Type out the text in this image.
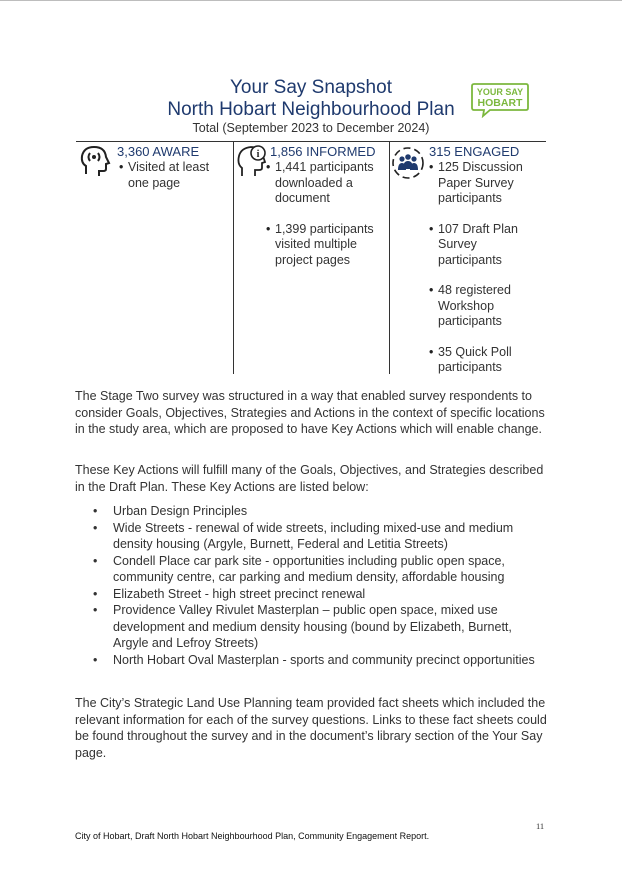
Your Say Snapshot
North Hobart Neighbourhood Plan
Total (September 2023 to December 2024)
YOUR SAY
HOBART
3,360 AWARE
• Visited at least one page
i 1,856 INFORMED
• 1,441 participants downloaded a document
• 1,399 participants visited multiple project pages
315 ENGAGED
• 125 Discussion Paper Survey participants
• 107 Draft Plan Survey participants
• 48 registered Workshop participants
• 35 Quick Poll participants

The Stage Two survey was structured in a way that enabled survey respondents to consider Goals, Objectives, Strategies and Actions in the context of specific locations in the study area, which are proposed to have Key Actions which will enable change.

These Key Actions will fulfill many of the Goals, Objectives, and Strategies described in the Draft Plan. These Key Actions are listed below:

• Urban Design Principles
• Wide Streets - renewal of wide streets, including mixed-use and medium density housing (Argyle, Burnett, Federal and Letitia Streets)
• Condell Place car park site - opportunities including public open space, community centre, car parking and medium density, affordable housing
• Elizabeth Street - high street precinct renewal
• Providence Valley Rivulet Masterplan – public open space, mixed use development and medium density housing (bound by Elizabeth, Burnett, Argyle and Lefroy Streets)
• North Hobart Oval Masterplan - sports and community precinct opportunities

The City’s Strategic Land Use Planning team provided fact sheets which included the relevant information for each of the survey questions. Links to these fact sheets could be found throughout the survey and in the document’s library section of the Your Say page.

11
City of Hobart, Draft North Hobart Neighbourhood Plan, Community Engagement Report.
